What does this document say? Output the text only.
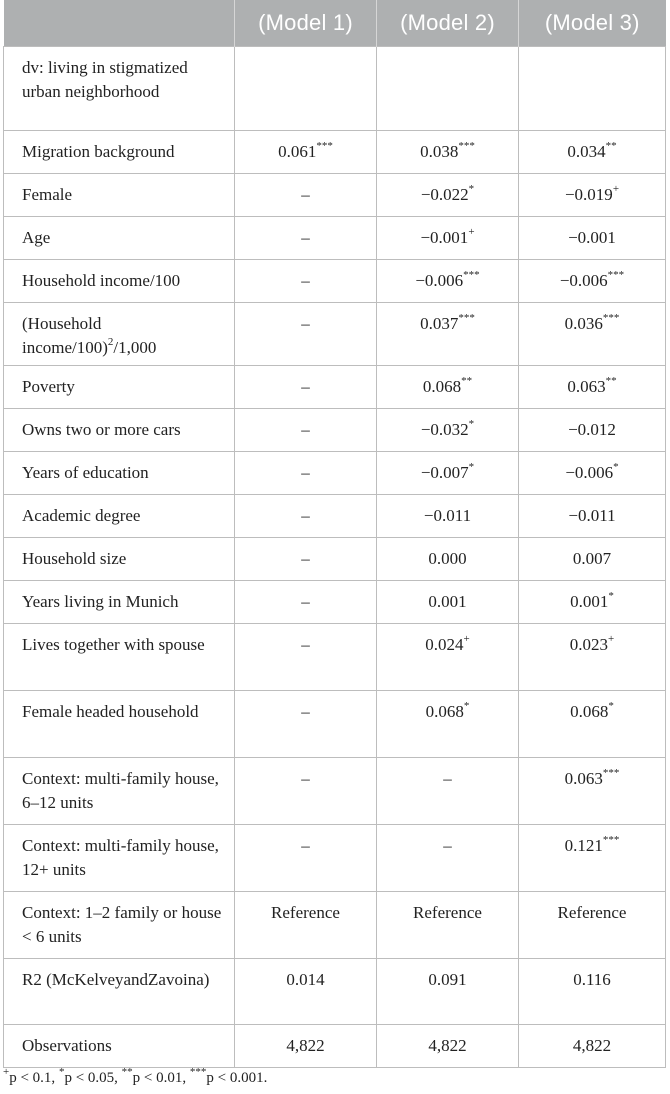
	(Model 1)	(Model 2)	(Model 3)
dv: living in stigmatized urban neighborhood			
Migration background	0.061***	0.038***	0.034**
Female	–	−0.022*	−0.019+
Age	–	−0.001+	−0.001
Household income/100	–	−0.006***	−0.006***
(Household income/100)$^2$/1,000	–	0.037***	0.036***
Poverty	–	0.068**	0.063**
Owns two or more cars	–	−0.032*	−0.012
Years of education	–	−0.007*	−0.006*
Academic degree	–	−0.011	−0.011
Household size	–	0.000	0.007
Years living in Munich	–	0.001	0.001*
Lives together with spouse	–	0.024+	0.023+
Female headed household	–	0.068*	0.068*
Context: multi-family house, 6–12 units	–	–	0.063***
Context: multi-family house, 12+ units	–	–	0.121***
Context: 1–2 family or house < 6 units	Reference	Reference	Reference
R2 (McKelveyandZavoina)	0.014	0.091	0.116
Observations	4,822	4,822	4,822
+p < 0.1, *p < 0.05, **p < 0.01, ***p < 0.001.
